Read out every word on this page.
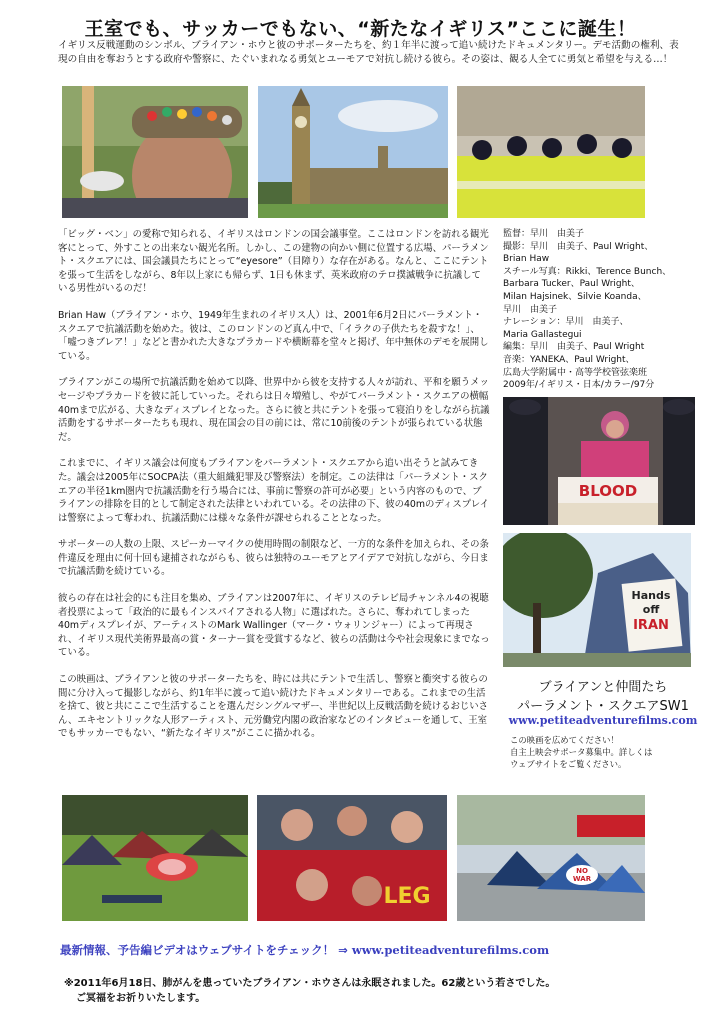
王室でも、サッカーでもない、“新たなイギリス”ここに誕生！
イギリス反戦運動のシンボル、ブライアン・ホウと彼のサポーターたちを、約１年半に渡って追い続けたドキュメンタリー。デモ活動の権利、表現の自由を奪おうとする政府や警察に、たぐいまれなる勇気とユーモアで対抗し続ける彼ら。その姿は、観る人全てに勇気と希望を与える…！

「ビッグ・ベン」の愛称で知られる、イギリスはロンドンの国会議事堂。ここはロンドンを訪れる観光客にとって、外すことの出来ない観光名所。しかし、この建物の向かい側に位置する広場、パーラメント・スクエアには、国会議員たちにとって“eyesore”（目障り）な存在がある。なんと、ここにテントを張って生活をしながら、8年以上家にも帰らず、1日も休まず、英米政府のテロ撲滅戦争に抗議している男性がいるのだ！

Brian Haw（ブライアン・ホウ、1949年生まれのイギリス人）は、2001年6月2日にパーラメント・スクエアで抗議活動を始めた。彼は、このロンドンのど真ん中で、「イラクの子供たちを殺すな！」、「嘘つきブレア！」などと書かれた大きなプラカードや横断幕を堂々と掲げ、年中無休のデモを展開している。

ブライアンがこの場所で抗議活動を始めて以降、世界中から彼を支持する人々が訪れ、平和を願うメッセージやプラカードを彼に託していった。それらは日々増殖し、やがてパーラメント・スクエアの横幅40mまで広がる、大きなディスプレイとなった。さらに彼と共にテントを張って寝泊りをしながら抗議活動をするサポーターたちも現れ、現在国会の目の前には、常に10前後のテントが張られている状態だ。

これまでに、イギリス議会は何度もブライアンをパーラメント・スクエアから追い出そうと試みてきた。議会は2005年にSOCPA法（重大組織犯罪及び警察法）を制定。この法律は「パーラメント・スクエアの半径1km圏内で抗議活動を行う場合には、事前に警察の許可が必要」という内容のもので、ブライアンの排除を目的として制定された法律といわれている。その法律の下、彼の40mのディスプレイは警察によって奪われ、抗議活動には様々な条件が課せられることとなった。

サポーターの人数の上限、スピーカーマイクの使用時間の制限など、一方的な条件を加えられ、その条件違反を理由に何十回も逮捕されながらも、彼らは独特のユーモアとアイデアで対抗しながら、今日まで抗議活動を続けている。

彼らの存在は社会的にも注目を集め、ブライアンは2007年に、イギリスのテレビ局チャンネル4の視聴者投票によって「政治的に最もインスパイアされる人物」に選ばれた。さらに、奪われてしまった40mディスプレイが、アーティストのMark Wallinger（マーク・ウォリンジャー）によって再現され、イギリス現代美術界最高の賞・ターナー賞を受賞するなど、彼らの活動は今や社会現象にまでなっている。

この映画は、ブライアンと彼のサポーターたちを、時には共にテントで生活し、警察と衝突する彼らの間に分け入って撮影しながら、約1年半に渡って追い続けたドキュメンタリーである。これまでの生活を捨て、彼と共にここで生活することを選んだシングルマザー、半世紀以上反戦活動を続けるおじいさん、エキセントリックな人形アーティスト、元労働党内閣の政治家などのインタビューを通して、王室でもサッカーでもない、“新たなイギリス”がここに描かれる。

監督：早川　由美子
撮影：早川　由美子、Paul Wright、
Brian Haw
スチール写真：Rikki、Terence Bunch、
Barbara Tucker、Paul Wright、
Milan Hajsinek、Silvie Koanda、
早川　由美子
ナレーション：早川　由美子、
Maria Gallastegui
編集：早川　由美子、Paul Wright
音楽：YANEKA、Paul Wright、
広島大学附属中・高等学校管弦楽班
2009年/イギリス・日本/カラー/97分
BLOOD
Hands
off
IRAN
ブライアンと仲間たち
パーラメント・スクエアSW1
www.petiteadventurefilms.com
この映画を広めてください！
自主上映会サポータ募集中。詳しくは
ウェブサイトをご覧ください。
LEG
NO
WAR
最新情報、予告編ビデオはウェブサイトをチェック！ ⇒ www.petiteadventurefilms.com
※2011年6月18日、肺がんを患っていたブライアン・ホウさんは永眠されました。62歳という若さでした。
ご冥福をお祈りいたします。
